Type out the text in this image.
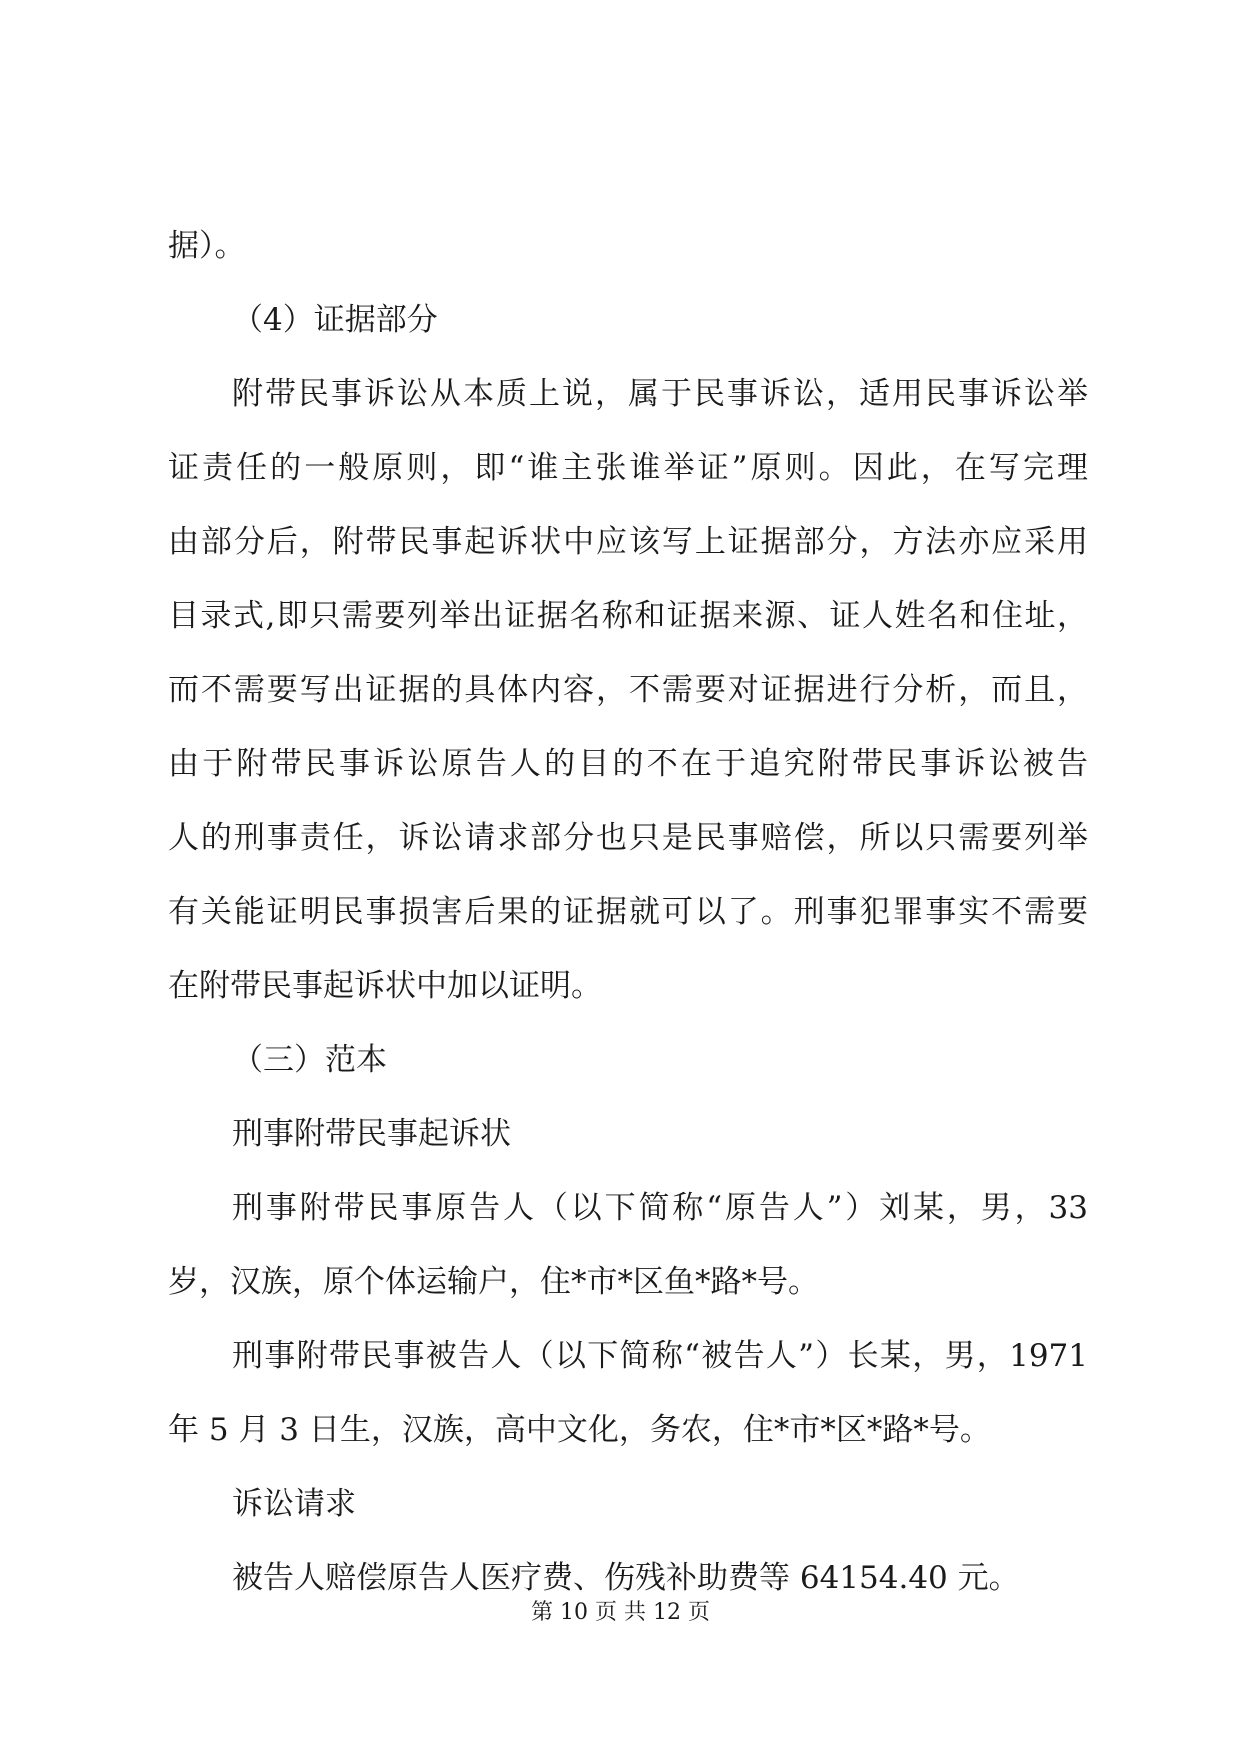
据）。

（4）证据部分

附带民事诉讼从本质上说，属于民事诉讼，适用民事诉讼举

证责任的一般原则，即“谁主张谁举证”原则。因此，在写完理

由部分后，附带民事起诉状中应该写上证据部分，方法亦应采用

目录式,即只需要列举出证据名称和证据来源、证人姓名和住址，

而不需要写出证据的具体内容，不需要对证据进行分析，而且，

由于附带民事诉讼原告人的目的不在于追究附带民事诉讼被告

人的刑事责任，诉讼请求部分也只是民事赔偿，所以只需要列举

有关能证明民事损害后果的证据就可以了。刑事犯罪事实不需要

在附带民事起诉状中加以证明。

（三）范本

刑事附带民事起诉状

刑事附带民事原告人（以下简称“原告人”）刘某，男，33

岁，汉族，原个体运输户，住*市*区鱼*路*号。

刑事附带民事被告人（以下简称“被告人”）长某，男，1971

年 5 月 3 日生，汉族，高中文化，务农，住*市*区*路*号。

诉讼请求

被告人赔偿原告人医疗费、伤残补助费等 64154.40 元。

第 10 页 共 12 页
